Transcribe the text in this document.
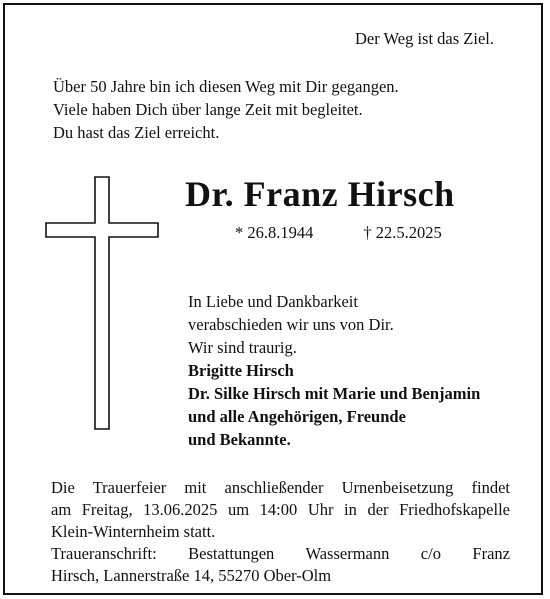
Der Weg ist das Ziel.
Über 50 Jahre bin ich diesen Weg mit Dir gegangen.
Viele haben Dich über lange Zeit mit begleitet.
Du hast das Ziel erreicht.
Dr. Franz Hirsch
* 26.8.1944	† 22.5.2025
In Liebe und Dankbarkeit
verabschieden wir uns von Dir.
Wir sind traurig.
Brigitte Hirsch
Dr. Silke Hirsch mit Marie und Benjamin
und alle Angehörigen, Freunde
und Bekannte.
Die Trauerfeier mit anschließender Urnenbeisetzung findet
am Freitag, 13.06.2025 um 14:00 Uhr in der Friedhofskapelle
Klein-Winternheim statt.
Traueranschrift: Bestattungen Wassermann c/o Franz
Hirsch, Lannerstraße 14, 55270 Ober-Olm
